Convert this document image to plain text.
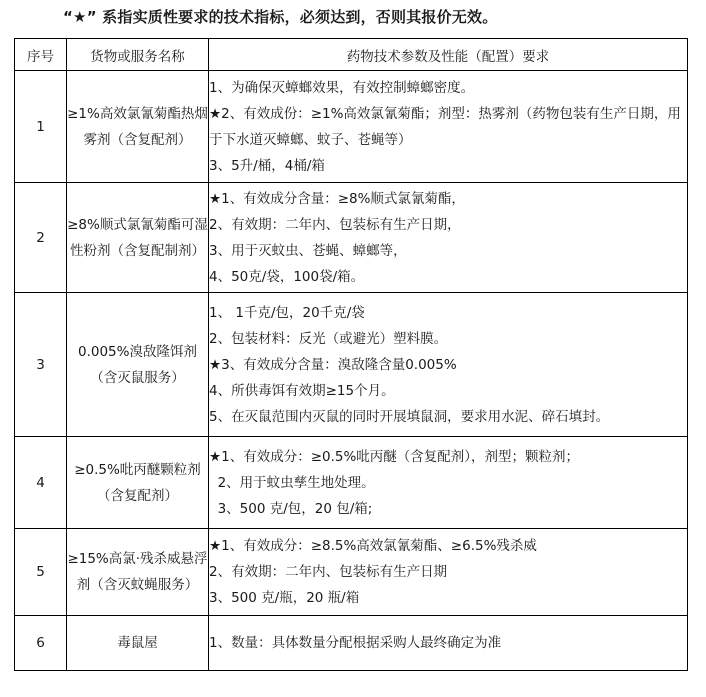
“★” 系指实质性要求的技术指标，必须达到，否则其报价无效。
序号	货物或服务名称	药物技术参数及性能（配置）要求
1	≥1%高效氯氰菊酯热烟雾剂（含复配剂）	1、为确保灭蟑螂效果，有效控制蟑螂密度。
★2、有效成份：≥1%高效氯氰菊酯；剂型：热雾剂（药物包装有生产日期，用于下水道灭蟑螂、蚊子、苍蝇等）
3、5升/桶，4桶/箱

2	≥8%顺式氯氰菊酯可湿性粉剂（含复配制剂）	★1、有效成分含量：≥8%顺式氯氰菊酯，
2、有效期：二年内、包装标有生产日期，
3、用于灭蚊虫、苍蝇、蟑螂等，
4、50克/袋，100袋/箱。

3	0.005%溴敌隆饵剂（含灭鼠服务）	1、 1千克/包，20千克/袋
2、包装材料：反光（或避光）塑料膜。
★3、有效成分含量：溴敌隆含量0.005%
4、所供毒饵有效期≥15个月。
5、在灭鼠范围内灭鼠的同时开展填鼠洞，要求用水泥、碎石填封。

4	≥0.5%吡丙醚颗粒剂（含复配剂）	★1、有效成分：≥0.5%吡丙醚（含复配剂），剂型；颗粒剂；
2、用于蚊虫孳生地处理。
3、500 克/包，20 包/箱;

5	≥15%高氯·残杀威悬浮剂（含灭蚊蝇服务）	★1、有效成分：≥8.5%高效氯氰菊酯、≥6.5%残杀威
2、有效期：二年内、包装标有生产日期
3、500 克/瓶，20 瓶/箱

6	毒鼠屋	1、数量：具体数量分配根据采购人最终确定为准
